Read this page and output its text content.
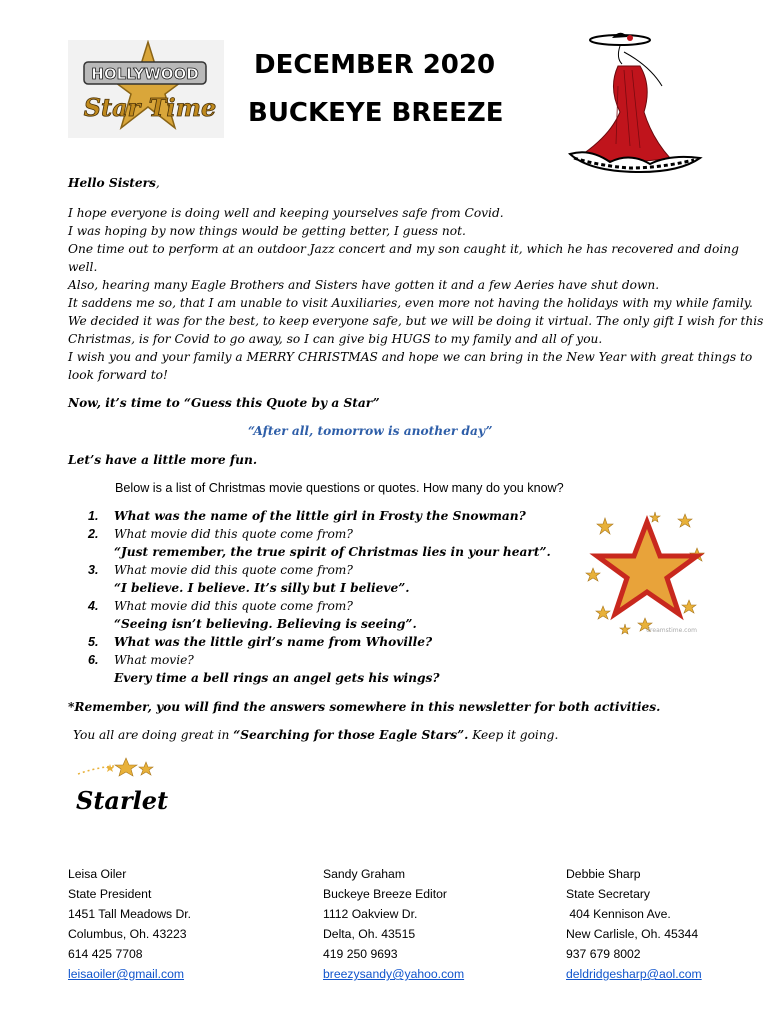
HOLLYWOOD
Star Time
DECEMBER 2020
BUCKEYE BREEZE
Hello Sisters,
I hope everyone is doing well and keeping yourselves safe from Covid.
I was hoping by now things would be getting better, I guess not.
One time out to perform at an outdoor Jazz concert and my son caught it, which he has recovered and doing
well.
Also, hearing many Eagle Brothers and Sisters have gotten it and a few Aeries have shut down.
It saddens me so, that I am unable to visit Auxiliaries, even more not having the holidays with my while family.
We decided it was for the best, to keep everyone safe, but we will be doing it virtual. The only gift I wish for this
Christmas, is for Covid to go away, so I can give big HUGS to my family and all of you.
I wish you and your family a MERRY CHRISTMAS and hope we can bring in the New Year with great things to
look forward to!
Now, it’s time to “Guess this Quote by a Star”
“After all, tomorrow is another day”
Let’s have a little more fun.
Below is a list of Christmas movie questions or quotes. How many do you know?
1. What was the name of the little girl in Frosty the Snowman?
2. What movie did this quote come from?
“Just remember, the true spirit of Christmas lies in your heart”.
3. What movie did this quote come from?
“I believe. I believe. It’s silly but I believe”.
4. What movie did this quote come from?
“Seeing isn’t believing. Believing is seeing”.
5. What was the little girl’s name from Whoville?
6. What movie?
Every time a bell rings an angel gets his wings?
dreamstime.com
*Remember, you will find the answers somewhere in this newsletter for both activities.
You all are doing great in “Searching for those Eagle Stars”. Keep it going.
Starlet
Leisa Oiler
State President
1451 Tall Meadows Dr.
Columbus, Oh. 43223
614 425 7708
leisaoiler@gmail.com
Sandy Graham
Buckeye Breeze Editor
1112 Oakview Dr.
Delta, Oh. 43515
419 250 9693
breezysandy@yahoo.com
Debbie Sharp
State Secretary
404 Kennison Ave.
New Carlisle, Oh. 45344
937 679 8002
deldridgesharp@aol.com
